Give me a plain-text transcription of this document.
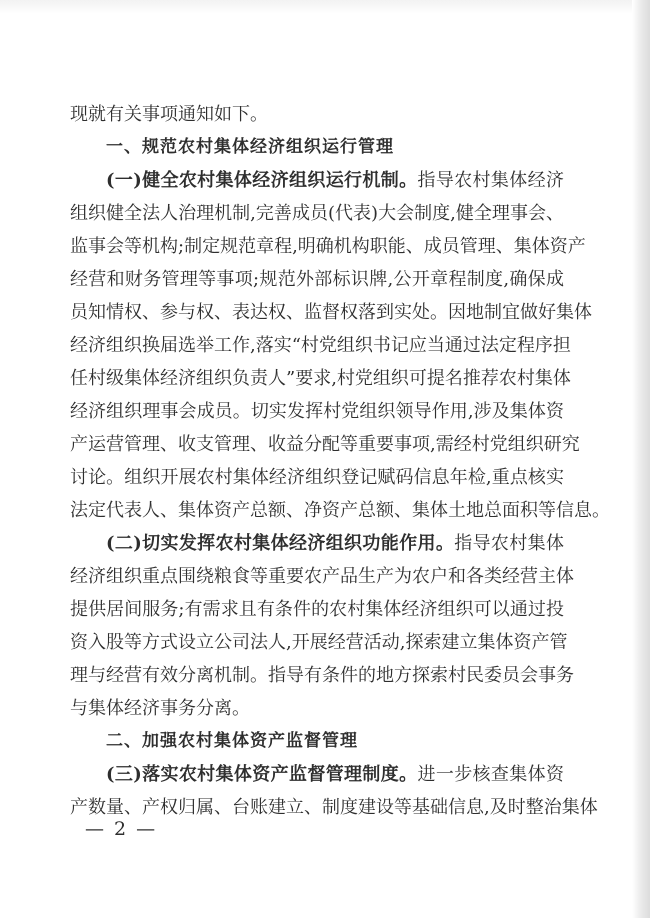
现就有关事项通知如下。
一、规范农村集体经济组织运行管理
(一)健全农村集体经济组织运行机制。指导农村集体经济
组织健全法人治理机制,完善成员(代表)大会制度,健全理事会、
监事会等机构;制定规范章程,明确机构职能、成员管理、集体资产
经营和财务管理等事项;规范外部标识牌,公开章程制度,确保成
员知情权、参与权、表达权、监督权落到实处。因地制宜做好集体
经济组织换届选举工作,落实“村党组织书记应当通过法定程序担
任村级集体经济组织负责人”要求,村党组织可提名推荐农村集体
经济组织理事会成员。切实发挥村党组织领导作用,涉及集体资
产运营管理、收支管理、收益分配等重要事项,需经村党组织研究
讨论。组织开展农村集体经济组织登记赋码信息年检,重点核实
法定代表人、集体资产总额、净资产总额、集体土地总面积等信息。
(二)切实发挥农村集体经济组织功能作用。指导农村集体
经济组织重点围绕粮食等重要农产品生产为农户和各类经营主体
提供居间服务;有需求且有条件的农村集体经济组织可以通过投
资入股等方式设立公司法人,开展经营活动,探索建立集体资产管
理与经营有效分离机制。指导有条件的地方探索村民委员会事务
与集体经济事务分离。
二、加强农村集体资产监督管理
(三)落实农村集体资产监督管理制度。进一步核查集体资
产数量、产权归属、台账建立、制度建设等基础信息,及时整治集体
— 2 —
